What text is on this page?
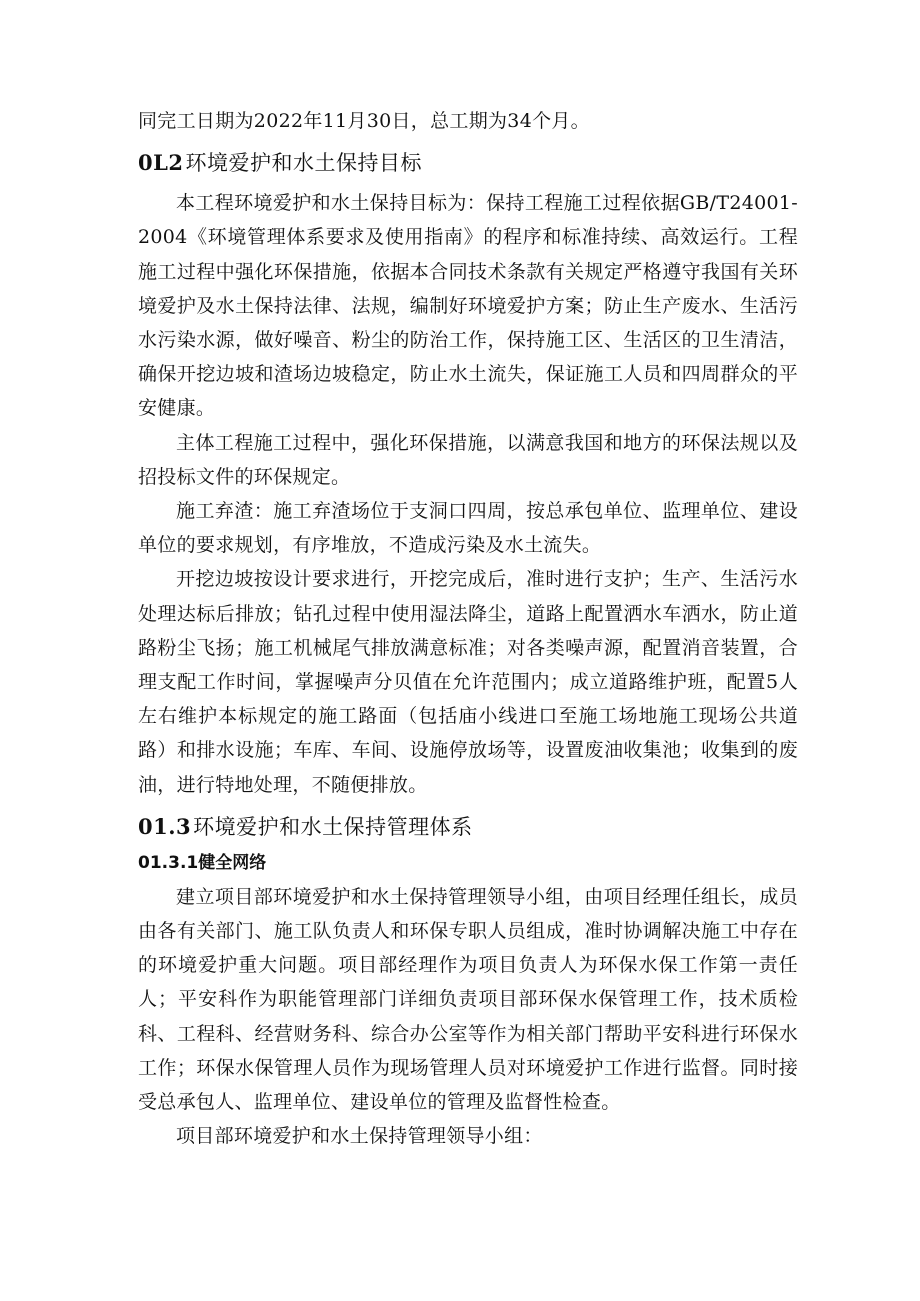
同完工日期为2022年11月30日，总工期为34个月。

0L2环境爱护和水土保持目标

本工程环境爱护和水土保持目标为：保持工程施工过程依据GB/T24001-2004《环境管理体系要求及使用指南》的程序和标准持续、高效运行。工程施工过程中强化环保措施，依据本合同技术条款有关规定严格遵守我国有关环境爱护及水土保持法律、法规，编制好环境爱护方案；防止生产废水、生活污水污染水源，做好噪音、粉尘的防治工作，保持施工区、生活区的卫生清洁，确保开挖边坡和渣场边坡稳定，防止水土流失，保证施工人员和四周群众的平安健康。

主体工程施工过程中，强化环保措施，以满意我国和地方的环保法规以及招投标文件的环保规定。

施工弃渣：施工弃渣场位于支洞口四周，按总承包单位、监理单位、建设单位的要求规划，有序堆放，不造成污染及水土流失。

开挖边坡按设计要求进行，开挖完成后，准时进行支护；生产、生活污水处理达标后排放；钻孔过程中使用湿法降尘，道路上配置洒水车洒水，防止道路粉尘飞扬；施工机械尾气排放满意标准；对各类噪声源，配置消音装置，合理支配工作时间，掌握噪声分贝值在允许范围内；成立道路维护班，配置5人左右维护本标规定的施工路面（包括庙小线进口至施工场地施工现场公共道路）和排水设施；车库、车间、设施停放场等，设置废油收集池；收集到的废油，进行特地处理，不随便排放。

01.3环境爱护和水土保持管理体系
01.3.1健全网络

建立项目部环境爱护和水土保持管理领导小组，由项目经理任组长，成员由各有关部门、施工队负责人和环保专职人员组成，准时协调解决施工中存在的环境爱护重大问题。项目部经理作为项目负责人为环保水保工作第一责任人；平安科作为职能管理部门详细负责项目部环保水保管理工作，技术质检科、工程科、经营财务科、综合办公室等作为相关部门帮助平安科进行环保水工作；环保水保管理人员作为现场管理人员对环境爱护工作进行监督。同时接受总承包人、监理单位、建设单位的管理及监督性检查。

项目部环境爱护和水土保持管理领导小组：
